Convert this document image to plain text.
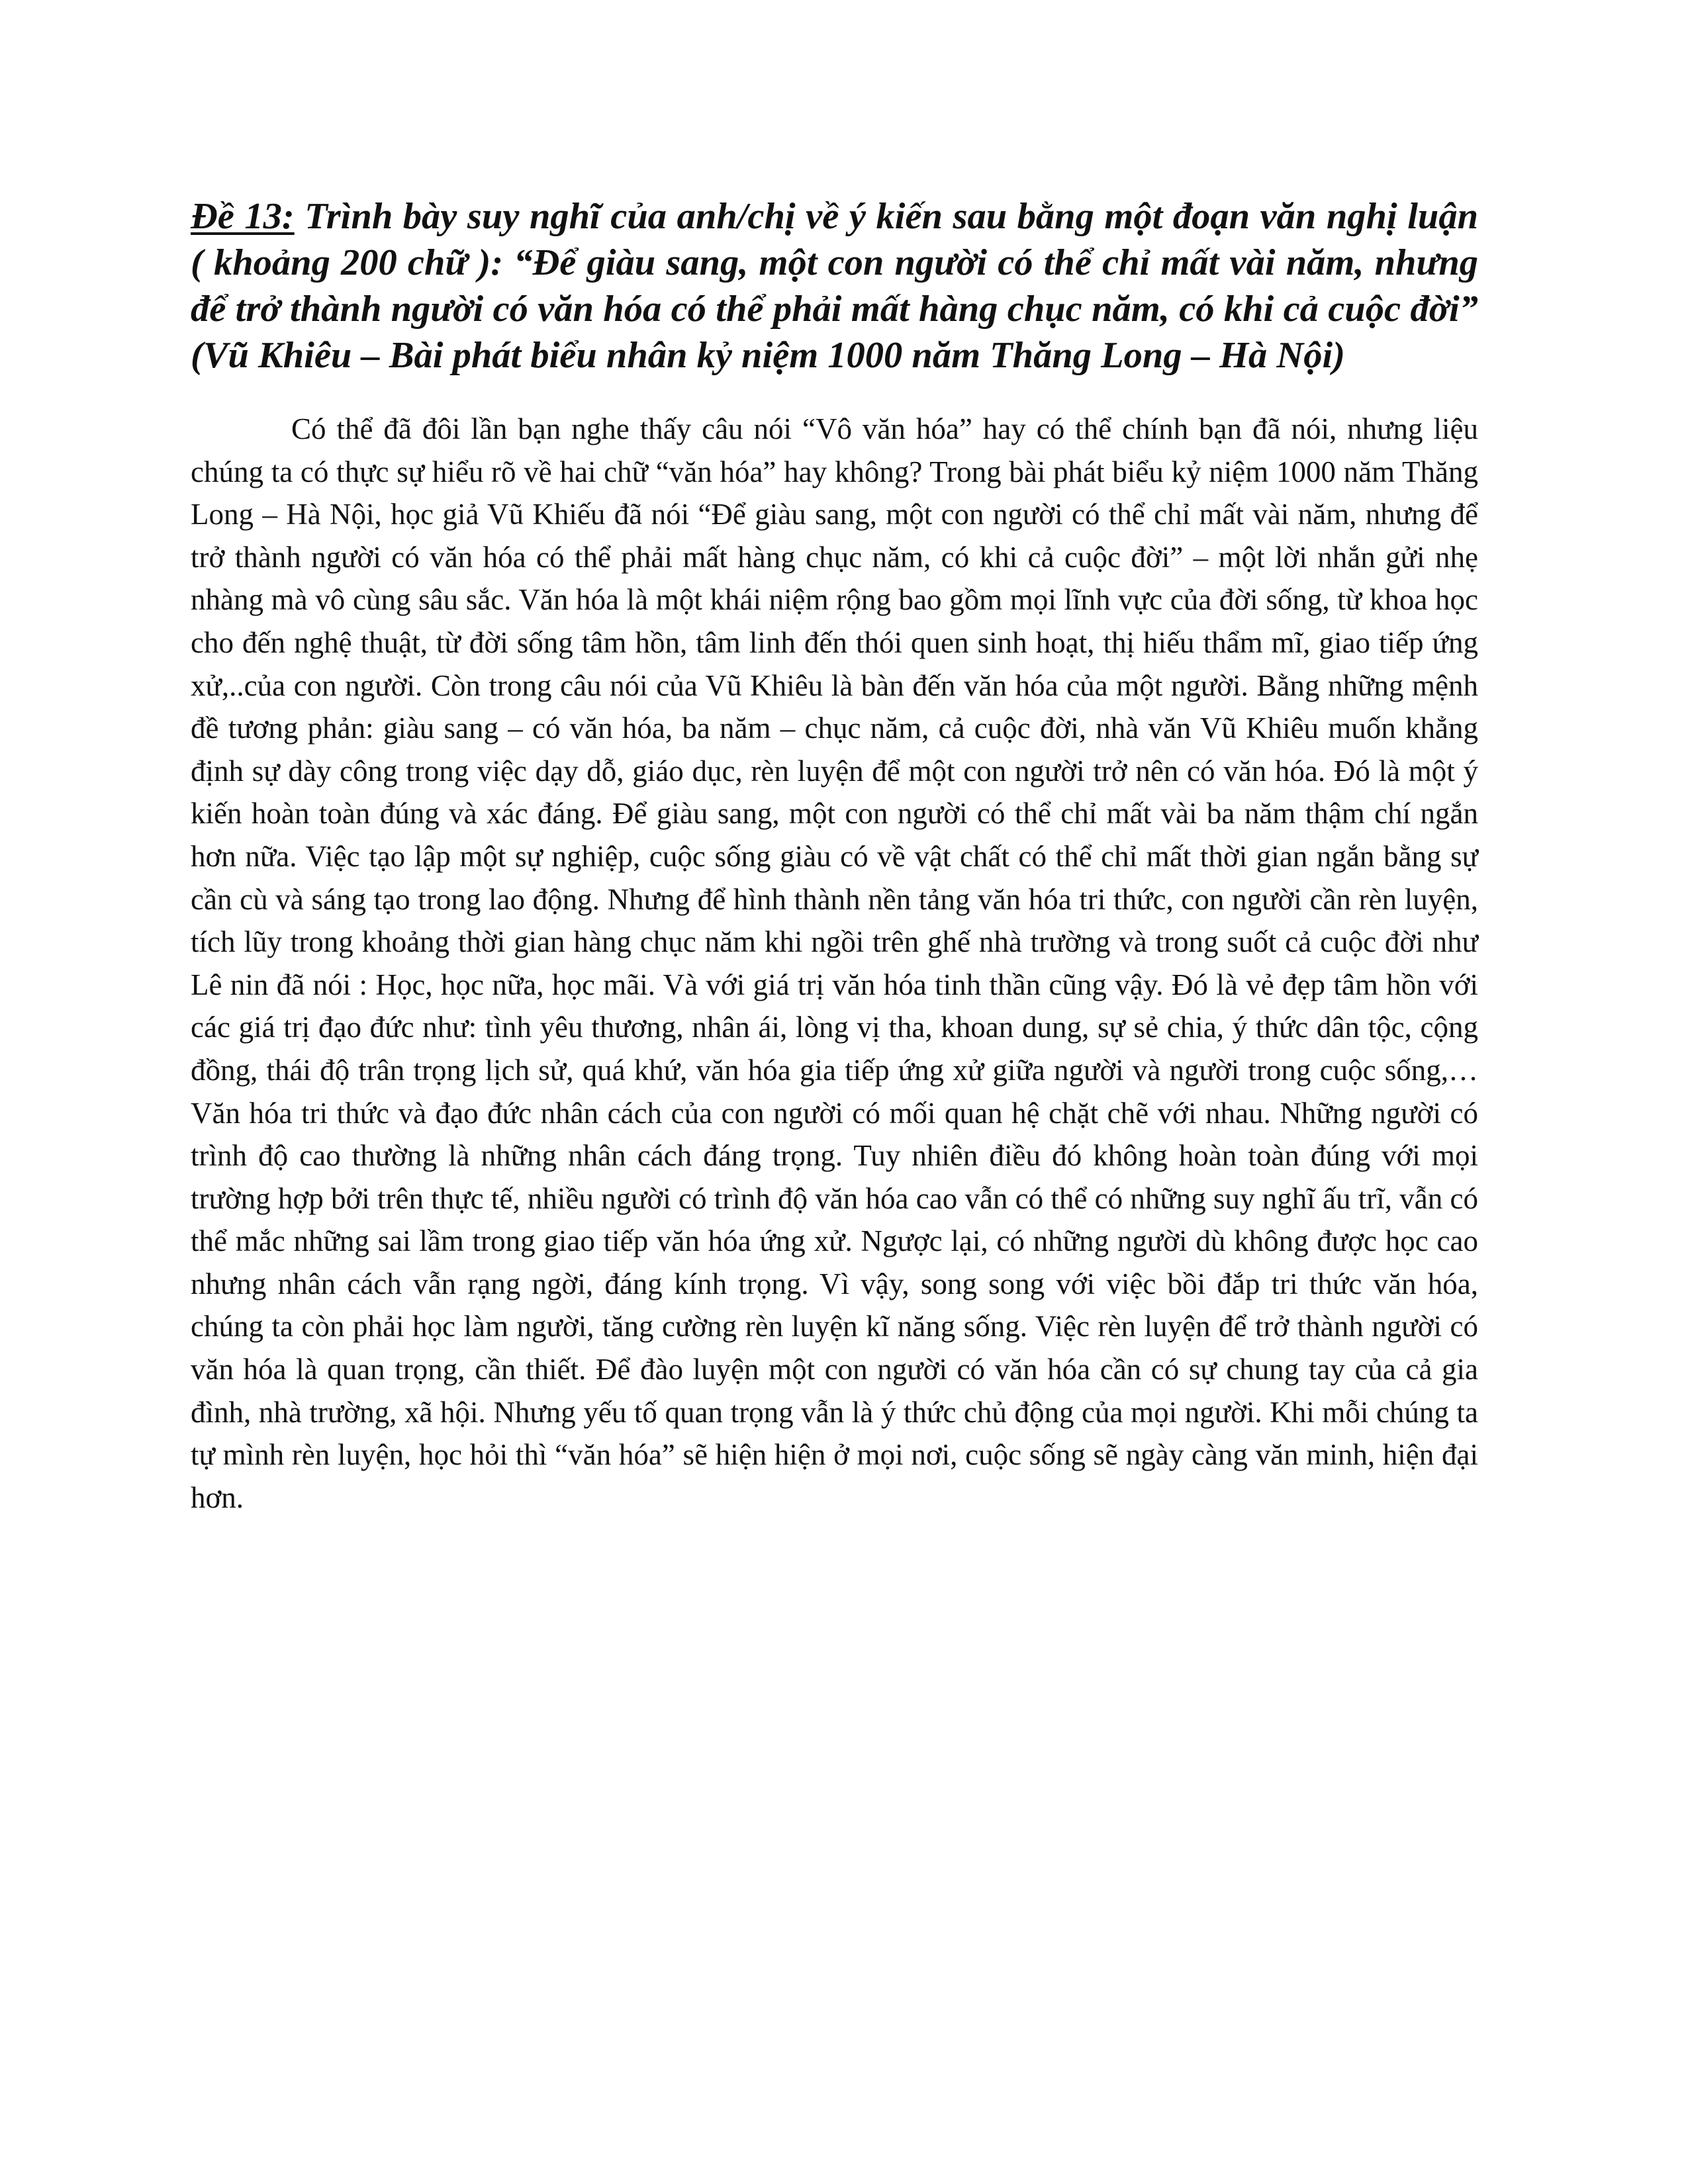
Đề 13: Trình bày suy nghĩ của anh/chị về ý kiến sau bằng một đoạn văn nghị luận ( khoảng 200 chữ ): “Để giàu sang, một con người có thể chỉ mất vài năm, nhưng để trở thành người có văn hóa có thể phải mất hàng chục năm, có khi cả cuộc đời” (Vũ Khiêu – Bài phát biểu nhân kỷ niệm 1000 năm Thăng Long – Hà Nội)

Có thể đã đôi lần bạn nghe thấy câu nói “Vô văn hóa” hay có thể chính bạn đã nói, nhưng liệu chúng ta có thực sự hiểu rõ về hai chữ “văn hóa” hay không? Trong bài phát biểu kỷ niệm 1000 năm Thăng Long – Hà Nội, học giả Vũ Khiếu đã nói “Để giàu sang, một con người có thể chỉ mất vài năm, nhưng để trở thành người có văn hóa có thể phải mất hàng chục năm, có khi cả cuộc đời” – một lời nhắn gửi nhẹ nhàng mà vô cùng sâu sắc. Văn hóa là một khái niệm rộng bao gồm mọi lĩnh vực của đời sống, từ khoa học cho đến nghệ thuật, từ đời sống tâm hồn, tâm linh đến thói quen sinh hoạt, thị hiếu thẩm mĩ, giao tiếp ứng xử,..của con người. Còn trong câu nói của Vũ Khiêu là bàn đến văn hóa của một người. Bằng những mệnh đề tương phản: giàu sang – có văn hóa, ba năm – chục năm, cả cuộc đời, nhà văn Vũ Khiêu muốn khẳng định sự dày công trong việc dạy dỗ, giáo dục, rèn luyện để một con người trở nên có văn hóa. Đó là một ý kiến hoàn toàn đúng và xác đáng. Để giàu sang, một con người có thể chỉ mất vài ba năm thậm chí ngắn hơn nữa. Việc tạo lập một sự nghiệp, cuộc sống giàu có về vật chất có thể chỉ mất thời gian ngắn bằng sự cần cù và sáng tạo trong lao động. Nhưng để hình thành nền tảng văn hóa tri thức, con người cần rèn luyện, tích lũy trong khoảng thời gian hàng chục năm khi ngồi trên ghế nhà trường và trong suốt cả cuộc đời như Lê nin đã nói : Học, học nữa, học mãi. Và với giá trị văn hóa tinh thần cũng vậy. Đó là vẻ đẹp tâm hồn với các giá trị đạo đức như: tình yêu thương, nhân ái, lòng vị tha, khoan dung, sự sẻ chia, ý thức dân tộc, cộng đồng, thái độ trân trọng lịch sử, quá khứ, văn hóa gia tiếp ứng xử giữa người và người trong cuộc sống,…Văn hóa tri thức và đạo đức nhân cách của con người có mối quan hệ chặt chẽ với nhau. Những người có trình độ cao thường là những nhân cách đáng trọng. Tuy nhiên điều đó không hoàn toàn đúng với mọi trường hợp bởi trên thực tế, nhiều người có trình độ văn hóa cao vẫn có thể có những suy nghĩ ấu trĩ, vẫn có thể mắc những sai lầm trong giao tiếp văn hóa ứng xử. Ngược lại, có những người dù không được học cao nhưng nhân cách vẫn rạng ngời, đáng kính trọng. Vì vậy, song song với việc bồi đắp tri thức văn hóa, chúng ta còn phải học làm người, tăng cường rèn luyện kĩ năng sống. Việc rèn luyện để trở thành người có văn hóa là quan trọng, cần thiết. Để đào luyện một con người có văn hóa cần có sự chung tay của cả gia đình, nhà trường, xã hội. Nhưng yếu tố quan trọng vẫn là ý thức chủ động của mọi người. Khi mỗi chúng ta tự mình rèn luyện, học hỏi thì “văn hóa” sẽ hiện hiện ở mọi nơi, cuộc sống sẽ ngày càng văn minh, hiện đại hơn.
